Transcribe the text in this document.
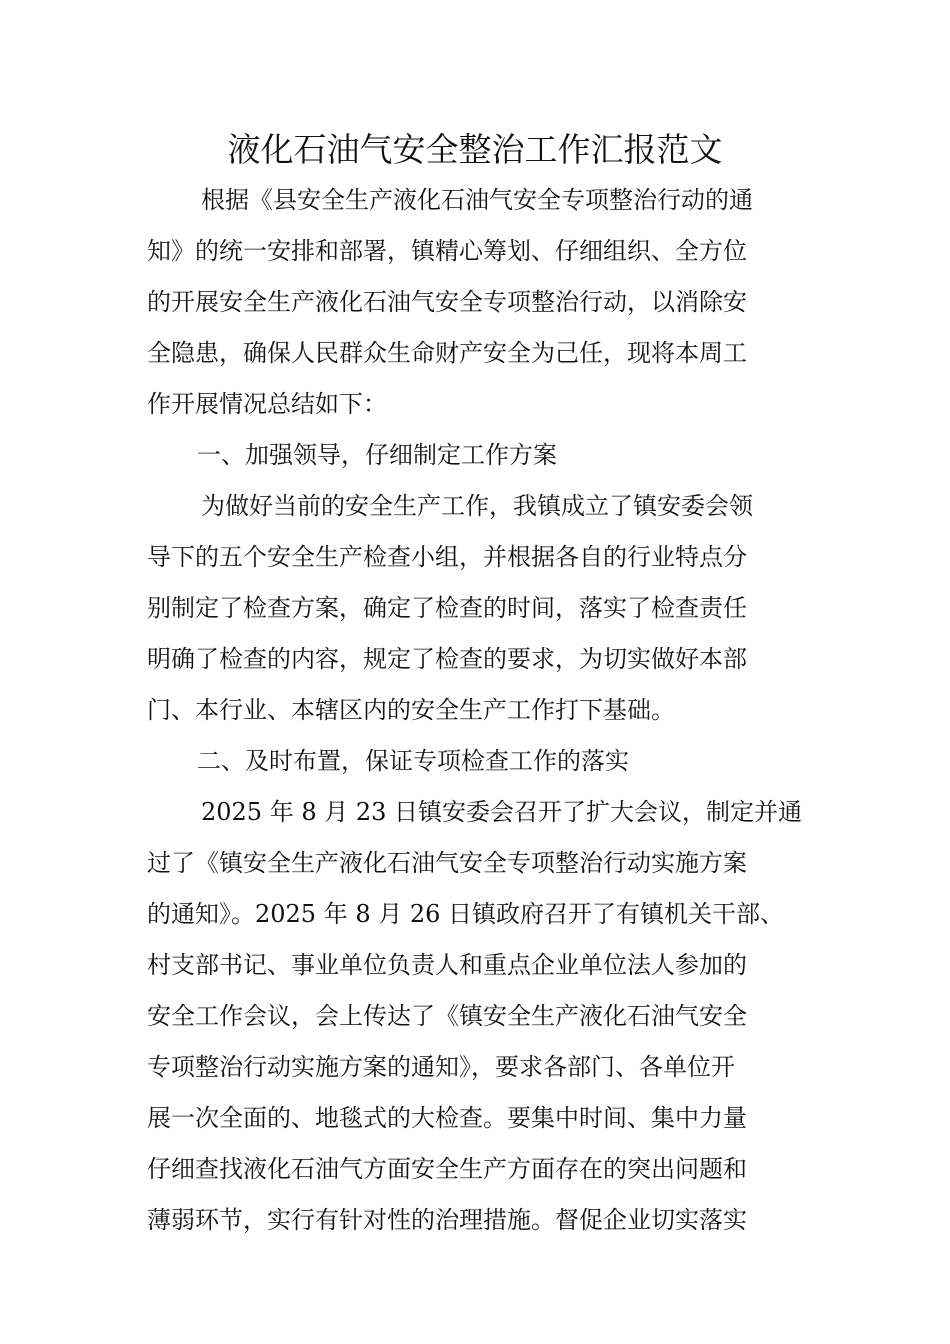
液化石油气安全整治工作汇报范文
根据《县安全生产液化石油气安全专项整治行动的通
知》的统一安排和部署，镇精心筹划、仔细组织、全方位
的开展安全生产液化石油气安全专项整治行动，以消除安
全隐患，确保人民群众生命财产安全为己任，现将本周工
作开展情况总结如下：
一、加强领导，仔细制定工作方案
为做好当前的安全生产工作，我镇成立了镇安委会领
导下的五个安全生产检查小组，并根据各自的行业特点分
别制定了检查方案，确定了检查的时间，落实了检查责任
明确了检查的内容，规定了检查的要求，为切实做好本部
门、本行业、本辖区内的安全生产工作打下基础。
二、及时布置，保证专项检查工作的落实
2025 年 8 月 23 日镇安委会召开了扩大会议，制定并通
过了《镇安全生产液化石油气安全专项整治行动实施方案
的通知》。2025 年 8 月 26 日镇政府召开了有镇机关干部、
村支部书记、事业单位负责人和重点企业单位法人参加的
安全工作会议，会上传达了《镇安全生产液化石油气安全
专项整治行动实施方案的通知》，要求各部门、各单位开
展一次全面的、地毯式的大检查。要集中时间、集中力量
仔细查找液化石油气方面安全生产方面存在的突出问题和
薄弱环节，实行有针对性的治理措施。督促企业切实落实
